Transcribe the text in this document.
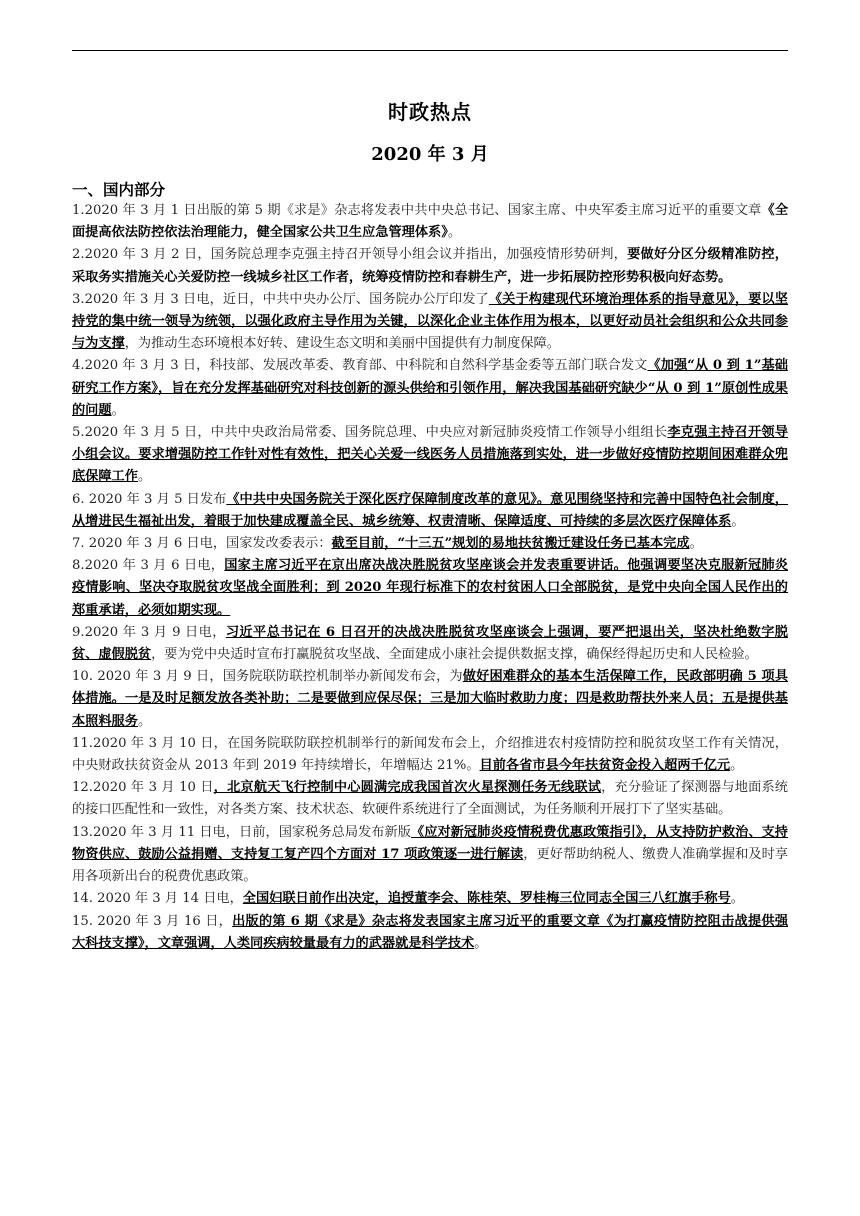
时政热点
2020 年 3 月
一、国内部分

1.2020 年 3 月 1 日出版的第 5 期《求是》杂志将发表中共中央总书记、国家主席、中央军委主席习近平的重要文章《全面提高依法防控依法治理能力，健全国家公共卫生应急管理体系》。

2.2020 年 3 月 2 日，国务院总理李克强主持召开领导小组会议并指出，加强疫情形势研判，要做好分区分级精准防控，采取务实措施关心关爱防控一线城乡社区工作者，统筹疫情防控和春耕生产，进一步拓展防控形势积极向好态势。

3.2020 年 3 月 3 日电，近日，中共中央办公厅、国务院办公厅印发了《关于构建现代环境治理体系的指导意见》，要以坚持党的集中统一领导为统领，以强化政府主导作用为关键，以深化企业主体作用为根本，以更好动员社会组织和公众共同参与为支撑，为推动生态环境根本好转、建设生态文明和美丽中国提供有力制度保障。

4.2020 年 3 月 3 日，科技部、发展改革委、教育部、中科院和自然科学基金委等五部门联合发文《加强“从 0 到 1”基础研究工作方案》，旨在充分发挥基础研究对科技创新的源头供给和引领作用，解决我国基础研究缺少“从 0 到 1”原创性成果的问题。

5.2020 年 3 月 5 日，中共中央政治局常委、国务院总理、中央应对新冠肺炎疫情工作领导小组组长李克强主持召开领导小组会议。要求增强防控工作针对性有效性，把关心关爱一线医务人员措施落到实处，进一步做好疫情防控期间困难群众兜底保障工作。

6. 2020 年 3 月 5 日发布《中共中央国务院关于深化医疗保障制度改革的意见》。意见围绕坚持和完善中国特色社会制度，从增进民生福祉出发，着眼于加快建成覆盖全民、城乡统筹、权责清晰、保障适度、可持续的多层次医疗保障体系。

7. 2020 年 3 月 6 日电，国家发改委表示：截至目前，“十三五”规划的易地扶贫搬迁建设任务已基本完成。

8.2020 年 3 月 6 日电，国家主席习近平在京出席决战决胜脱贫攻坚座谈会并发表重要讲话。他强调要坚决克服新冠肺炎疫情影响、坚决夺取脱贫攻坚战全面胜利；到 2020 年现行标准下的农村贫困人口全部脱贫，是党中央向全国人民作出的郑重承诺，必须如期实现。

9.2020 年 3 月 9 日电，习近平总书记在 6 日召开的决战决胜脱贫攻坚座谈会上强调，要严把退出关，坚决杜绝数字脱贫、虚假脱贫，要为党中央适时宣布打赢脱贫攻坚战、全面建成小康社会提供数据支撑，确保经得起历史和人民检验。

10. 2020 年 3 月 9 日，国务院联防联控机制举办新闻发布会，为做好困难群众的基本生活保障工作，民政部明确 5 项具体措施。一是及时足额发放各类补助；二是要做到应保尽保；三是加大临时救助力度；四是救助帮扶外来人员；五是提供基本照料服务。

11.2020 年 3 月 10 日，在国务院联防联控机制举行的新闻发布会上，介绍推进农村疫情防控和脱贫攻坚工作有关情况，中央财政扶贫资金从 2013 年到 2019 年持续增长，年增幅达 21%。目前各省市县今年扶贫资金投入超两千亿元。

12.2020 年 3 月 10 日，北京航天飞行控制中心圆满完成我国首次火星探测任务无线联试，充分验证了探测器与地面系统的接口匹配性和一致性，对各类方案、技术状态、软硬件系统进行了全面测试，为任务顺利开展打下了坚实基础。

13.2020 年 3 月 11 日电，日前，国家税务总局发布新版《应对新冠肺炎疫情税费优惠政策指引》，从支持防护救治、支持物资供应、鼓励公益捐赠、支持复工复产四个方面对 17 项政策逐一进行解读，更好帮助纳税人、缴费人准确掌握和及时享用各项新出台的税费优惠政策。

14. 2020 年 3 月 14 日电，全国妇联日前作出决定，追授董李会、陈桂荣、罗桂梅三位同志全国三八红旗手称号。

15. 2020 年 3 月 16 日，出版的第 6 期《求是》杂志将发表国家主席习近平的重要文章《为打赢疫情防控阻击战提供强大科技支撑》，文章强调，人类同疾病较量最有力的武器就是科学技术。
